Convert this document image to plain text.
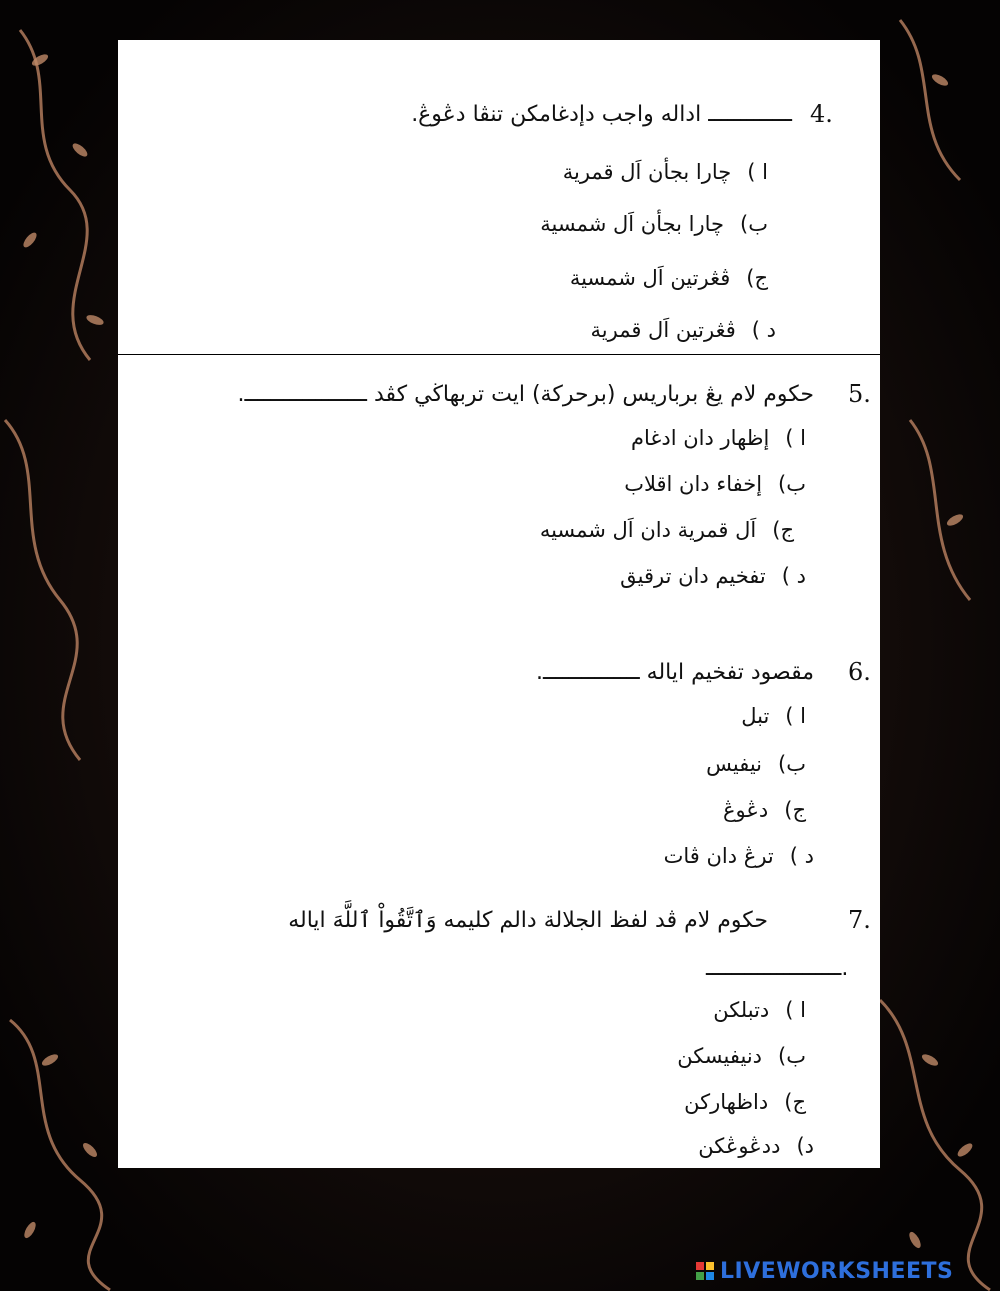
4.
ـــــــــــــ اداله واجب دإدغامكن تنڤا دڠوڠ.
ا )چارا بجأن اَل قمرية
ب)چارا بجأن اَل شمسية
ج)ڤڠرتين اَل شمسية
د )ڤڠرتين اَل قمرية
5.
حکوم لام يڠ برباريس (برحركة) ايت تربهاڬي كڤد ـــــــــــــــــــ.
ا )إظهار دان ادغام
ب)إخفاء دان اقلاب
ج)اَل قمرية دان اَل شمسيه
د )تفخيم دان ترقيق
6.
مقصود تفخيم اياله ـــــــــــــــ.
ا )تبل
ب)نيفيس
ج)دڠوڠ
د )ترڠ دان ڤات
7.
حکوم لام ڤد لفظ الجلالة دالم كليمه وَٱتَّقُواْ ٱللَّهَ اياله
ـــــــــــــــــــــ.
ا )دتبلكن
ب)دنيفيسكن
ج)داظهاركن
د)ددڠوڠكن
LIVEWORKSHEETS
